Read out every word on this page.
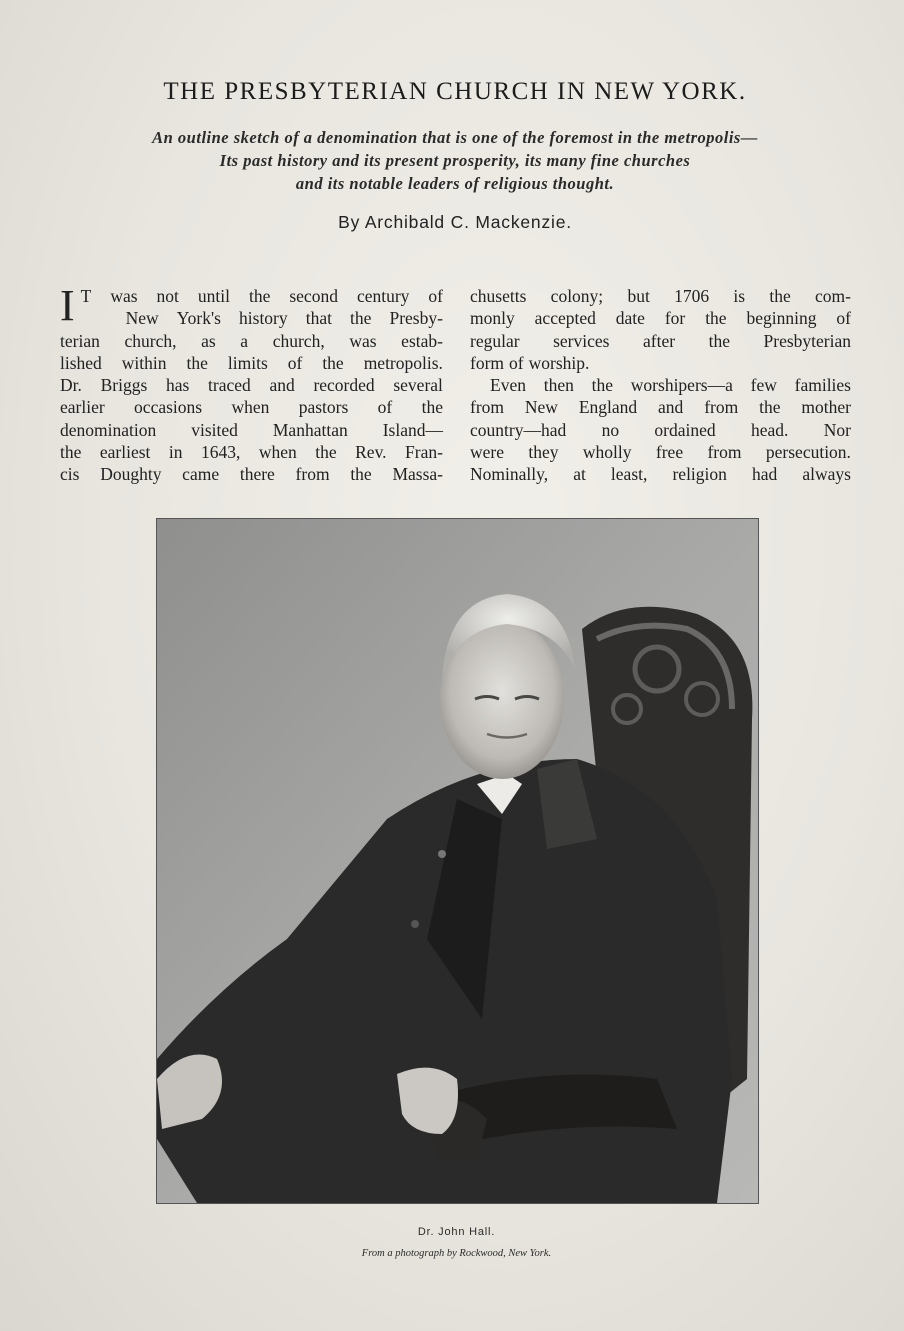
THE PRESBYTERIAN CHURCH IN NEW YORK.
An outline sketch of a denomination that is one of the foremost in the metropolis—
Its past history and its present prosperity, its many fine churches
and its notable leaders of religious thought.
By Archibald C. Mackenzie.
I T was not until the second century of
New York's history that the Presby-
terian church, as a church, was estab-
lished within the limits of the metropolis.
Dr. Briggs has traced and recorded several
earlier occasions when pastors of the
denomination visited Manhattan Island—
the earliest in 1643, when the Rev. Fran-
cis Doughty came there from the Massa-
chusetts colony; but 1706 is the com-
monly accepted date for the beginning of
regular services after the Presbyterian
form of worship.
Even then the worshipers—a few families
from New England and from the mother
country—had no ordained head. Nor
were they wholly free from persecution.
Nominally, at least, religion had always
Dr. John Hall.
From a photograph by Rockwood, New York.
